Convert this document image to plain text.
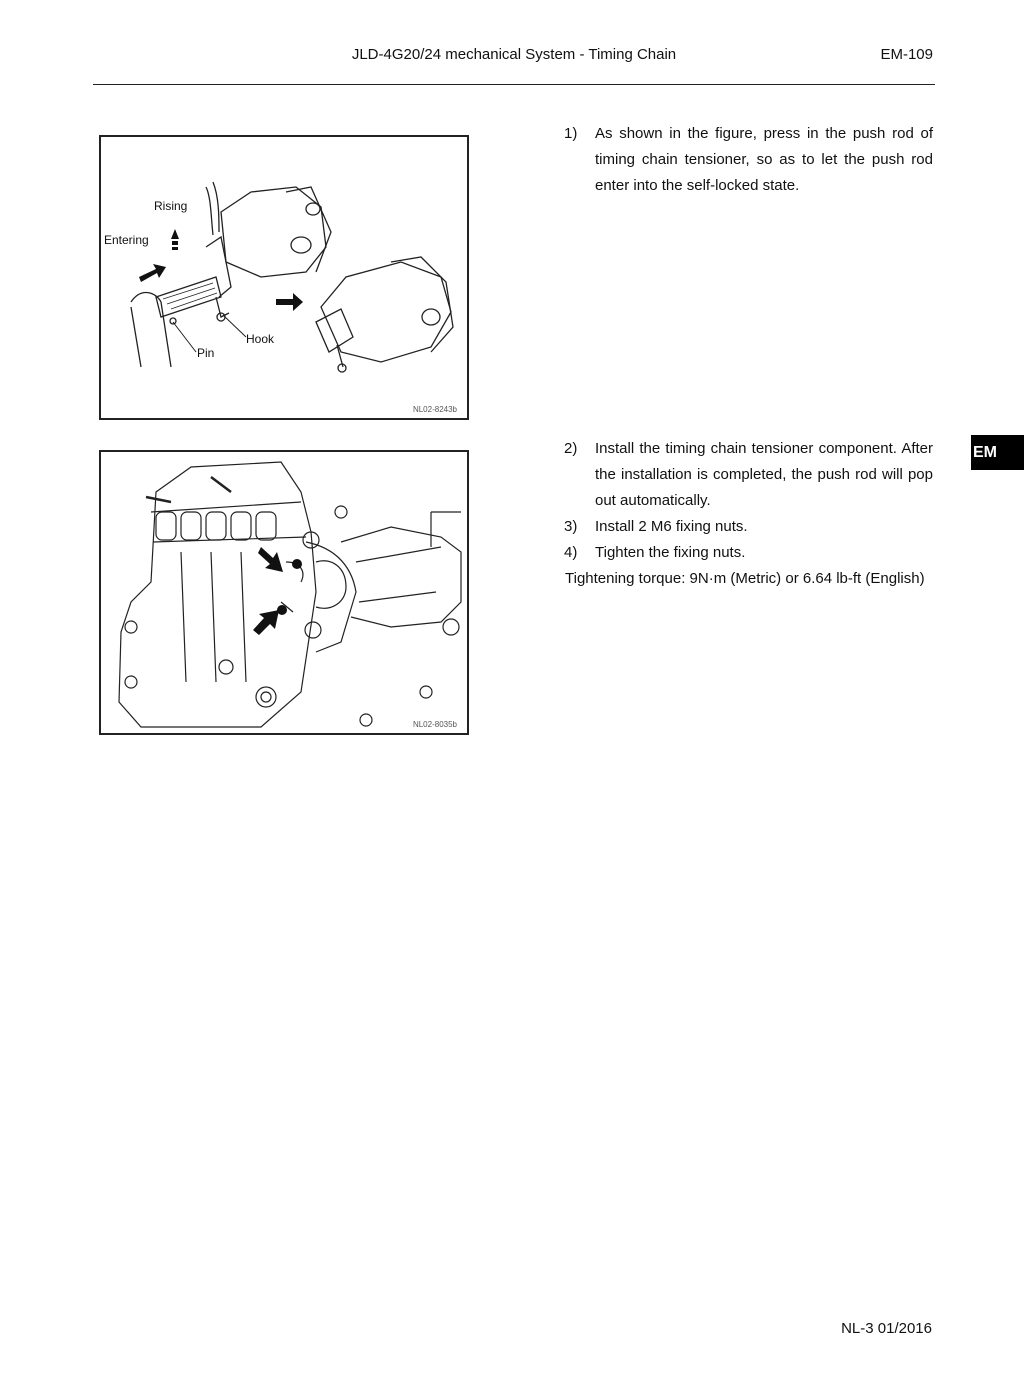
JLD-4G20/24 mechanical System - Timing Chain	EM-109
Rising
Entering
Hook
Pin
NL02-8243b
NL02-8035b
1) As shown in the figure, press in the push rod of timing chain tensioner, so as to let the push rod enter into the self-locked state.
2) Install the timing chain tensioner component. After the installation is completed, the push rod will pop out automatically.
3) Install 2 M6 fixing nuts.
4) Tighten the fixing nuts.
Tightening torque: 9N·m (Metric) or 6.64 lb-ft (English)
EM
NL-3 01/2016
